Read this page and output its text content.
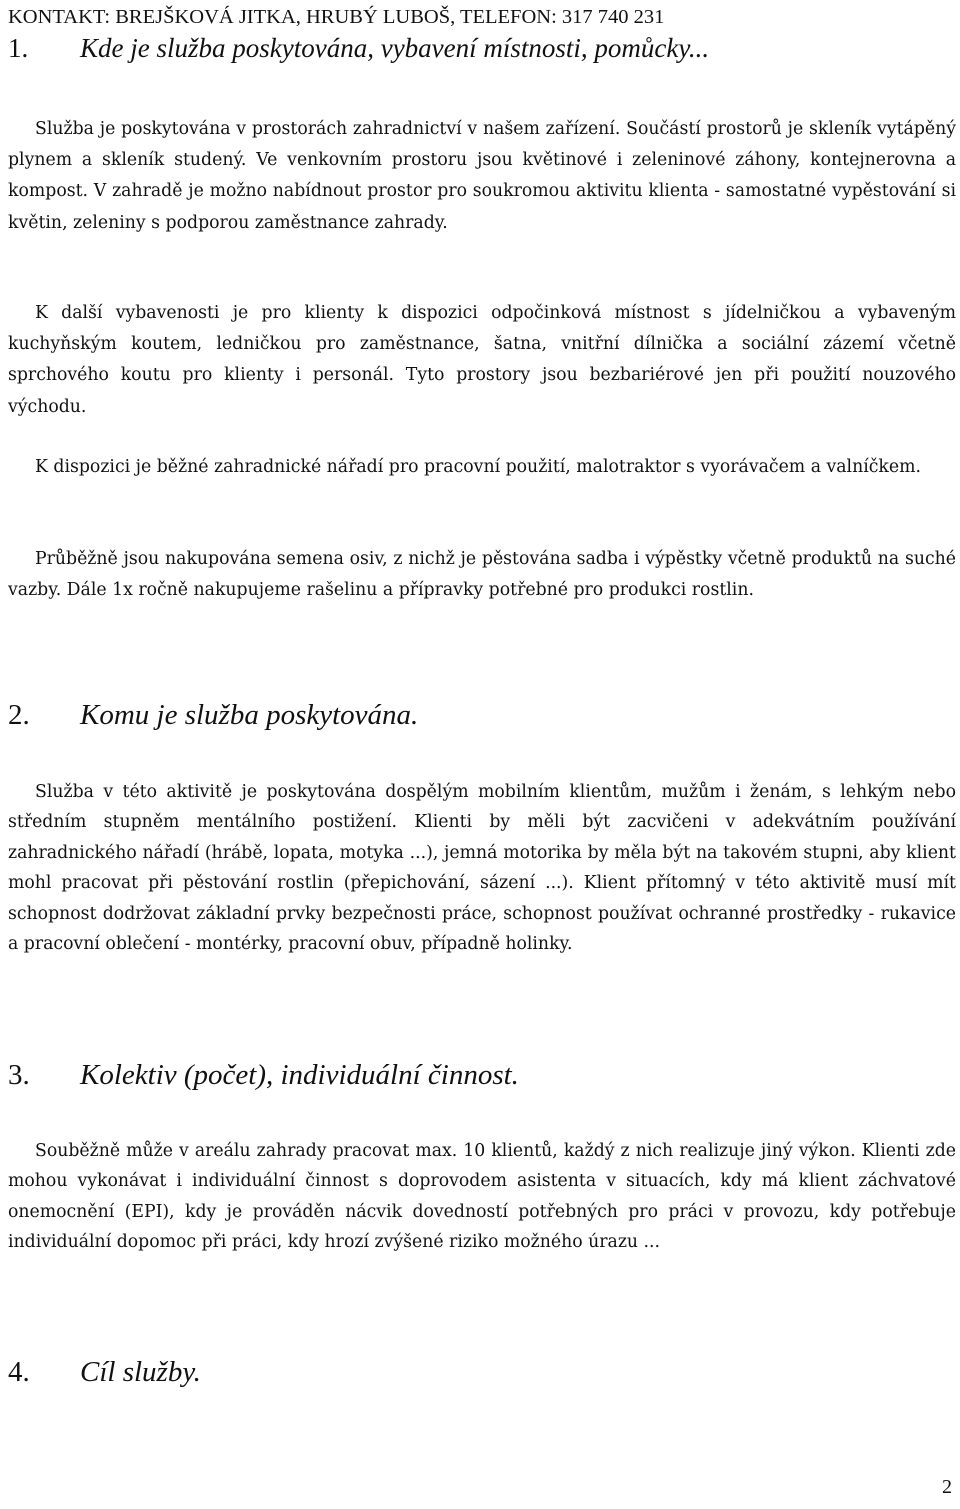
KONTAKT: BREJŠKOVÁ JITKA, HRUBÝ LUBOŠ, TELEFON: 317 740 231
1. Kde je služba poskytována, vybavení místnosti, pomůcky...
Služba je poskytována v prostorách zahradnictví v našem zařízení. Součástí prostorů je skleník vytápěný plynem a skleník studený. Ve venkovním prostoru jsou květinové i zeleninové záhony, kontejnerovna a kompost. V zahradě je možno nabídnout prostor pro soukromou aktivitu klienta - samostatné vypěstování si květin, zeleniny s podporou zaměstnance zahrady.
K další vybavenosti je pro klienty k dispozici odpočinková místnost s jídelničkou a vybaveným kuchyňským koutem, ledničkou pro zaměstnance, šatna, vnitřní dílnička a sociální zázemí včetně sprchového koutu pro klienty i personál. Tyto prostory jsou bezbariérové jen při použití nouzového východu.
K dispozici je běžné zahradnické nářadí pro pracovní použití, malotraktor s vyorávačem a valníčkem.
Průběžně jsou nakupována semena osiv, z nichž je pěstována sadba i výpěstky včetně produktů na suché vazby. Dále 1x ročně nakupujeme rašelinu a přípravky potřebné pro produkci rostlin.
2. Komu je služba poskytována.
Služba v této aktivitě je poskytována dospělým mobilním klientům, mužům i ženám, s lehkým nebo středním stupněm mentálního postižení. Klienti by měli být zacvičeni v adekvátním používání zahradnického nářadí (hrábě, lopata, motyka ...), jemná motorika by měla být na takovém stupni, aby klient mohl pracovat při pěstování rostlin (přepichování, sázení ...). Klient přítomný v této aktivitě musí mít schopnost dodržovat základní prvky bezpečnosti práce, schopnost používat ochranné prostředky - rukavice a pracovní oblečení - montérky, pracovní obuv, případně holinky.
3. Kolektiv (počet), individuální činnost.
Souběžně může v areálu zahrady pracovat max. 10 klientů, každý z nich realizuje jiný výkon. Klienti zde mohou vykonávat i individuální činnost s doprovodem asistenta v situacích, kdy má klient záchvatové onemocnění (EPI), kdy je prováděn nácvik dovedností potřebných pro práci v provozu, kdy potřebuje individuální dopomoc při práci, kdy hrozí zvýšené riziko možného úrazu ...
4. Cíl služby.
2
